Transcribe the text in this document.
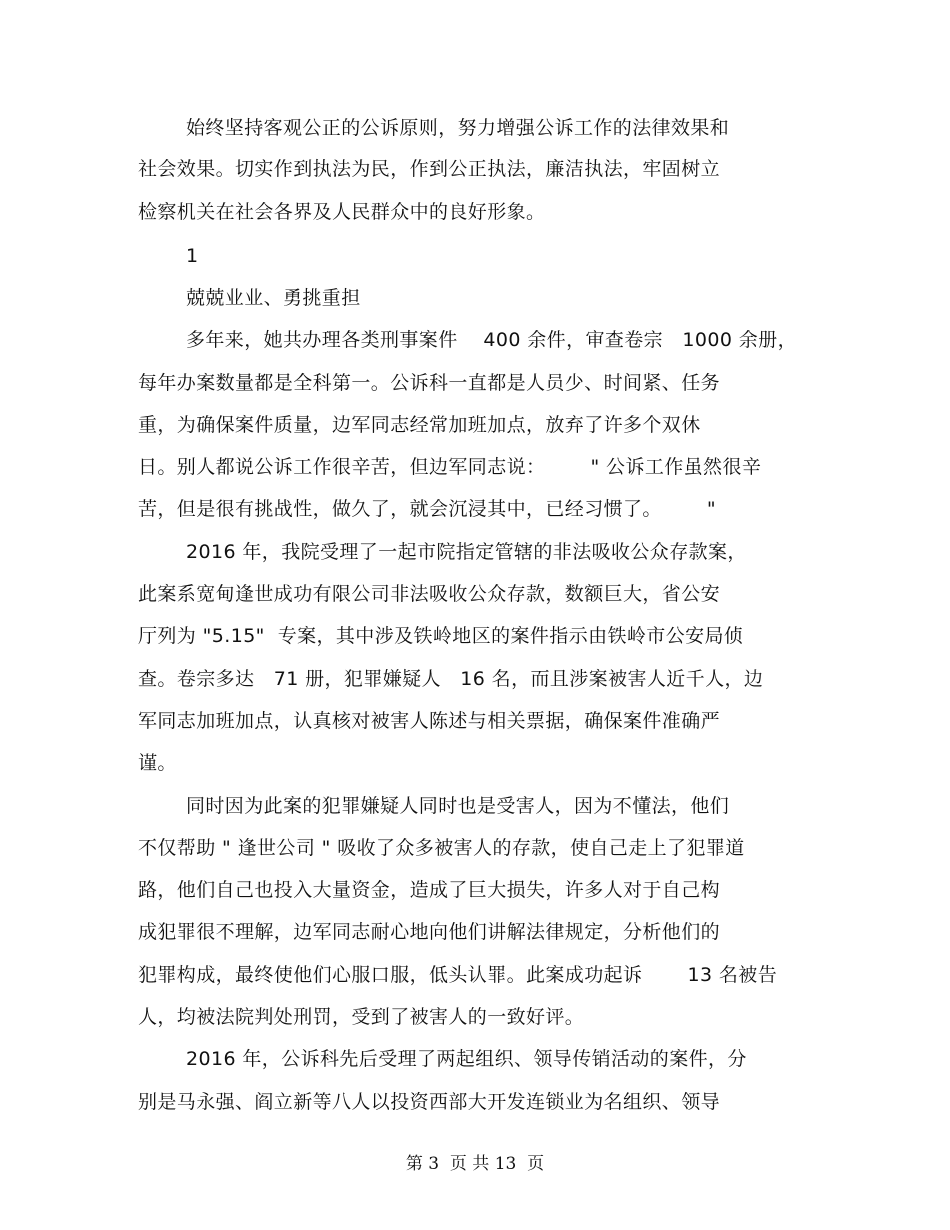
始终坚持客观公正的公诉原则，努力增强公诉工作的法律效果和
社会效果。切实作到执法为民，作到公正执法，廉洁执法，牢固树立
检察机关在社会各界及人民群众中的良好形象。
1
兢兢业业、勇挑重担
多年来，她共办理各类刑事案件    400 余件，审查卷宗   1000 余册，
每年办案数量都是全科第一。公诉科一直都是人员少、时间紧、任务
重，为确保案件质量，边军同志经常加班加点，放弃了许多个双休
日。别人都说公诉工作很辛苦，但边军同志说：       " 公诉工作虽然很辛
苦，但是很有挑战性，做久了，就会沉浸其中，已经习惯了。       "
2016 年，我院受理了一起市院指定管辖的非法吸收公众存款案，
此案系宽甸逢世成功有限公司非法吸收公众存款，数额巨大，省公安
厅列为 "5.15"  专案，其中涉及铁岭地区的案件指示由铁岭市公安局侦
查。卷宗多达   71 册，犯罪嫌疑人   16 名，而且涉案被害人近千人，边
军同志加班加点，认真核对被害人陈述与相关票据，确保案件准确严
谨。
同时因为此案的犯罪嫌疑人同时也是受害人，因为不懂法，他们
不仅帮助 " 逢世公司 " 吸收了众多被害人的存款，使自己走上了犯罪道
路，他们自己也投入大量资金，造成了巨大损失，许多人对于自己构
成犯罪很不理解，边军同志耐心地向他们讲解法律规定，分析他们的
犯罪构成，最终使他们心服口服，低头认罪。此案成功起诉       13 名被告
人，均被法院判处刑罚，受到了被害人的一致好评。
2016 年，公诉科先后受理了两起组织、领导传销活动的案件，分
别是马永强、阎立新等八人以投资西部大开发连锁业为名组织、领导
第 3  页 共 13  页
